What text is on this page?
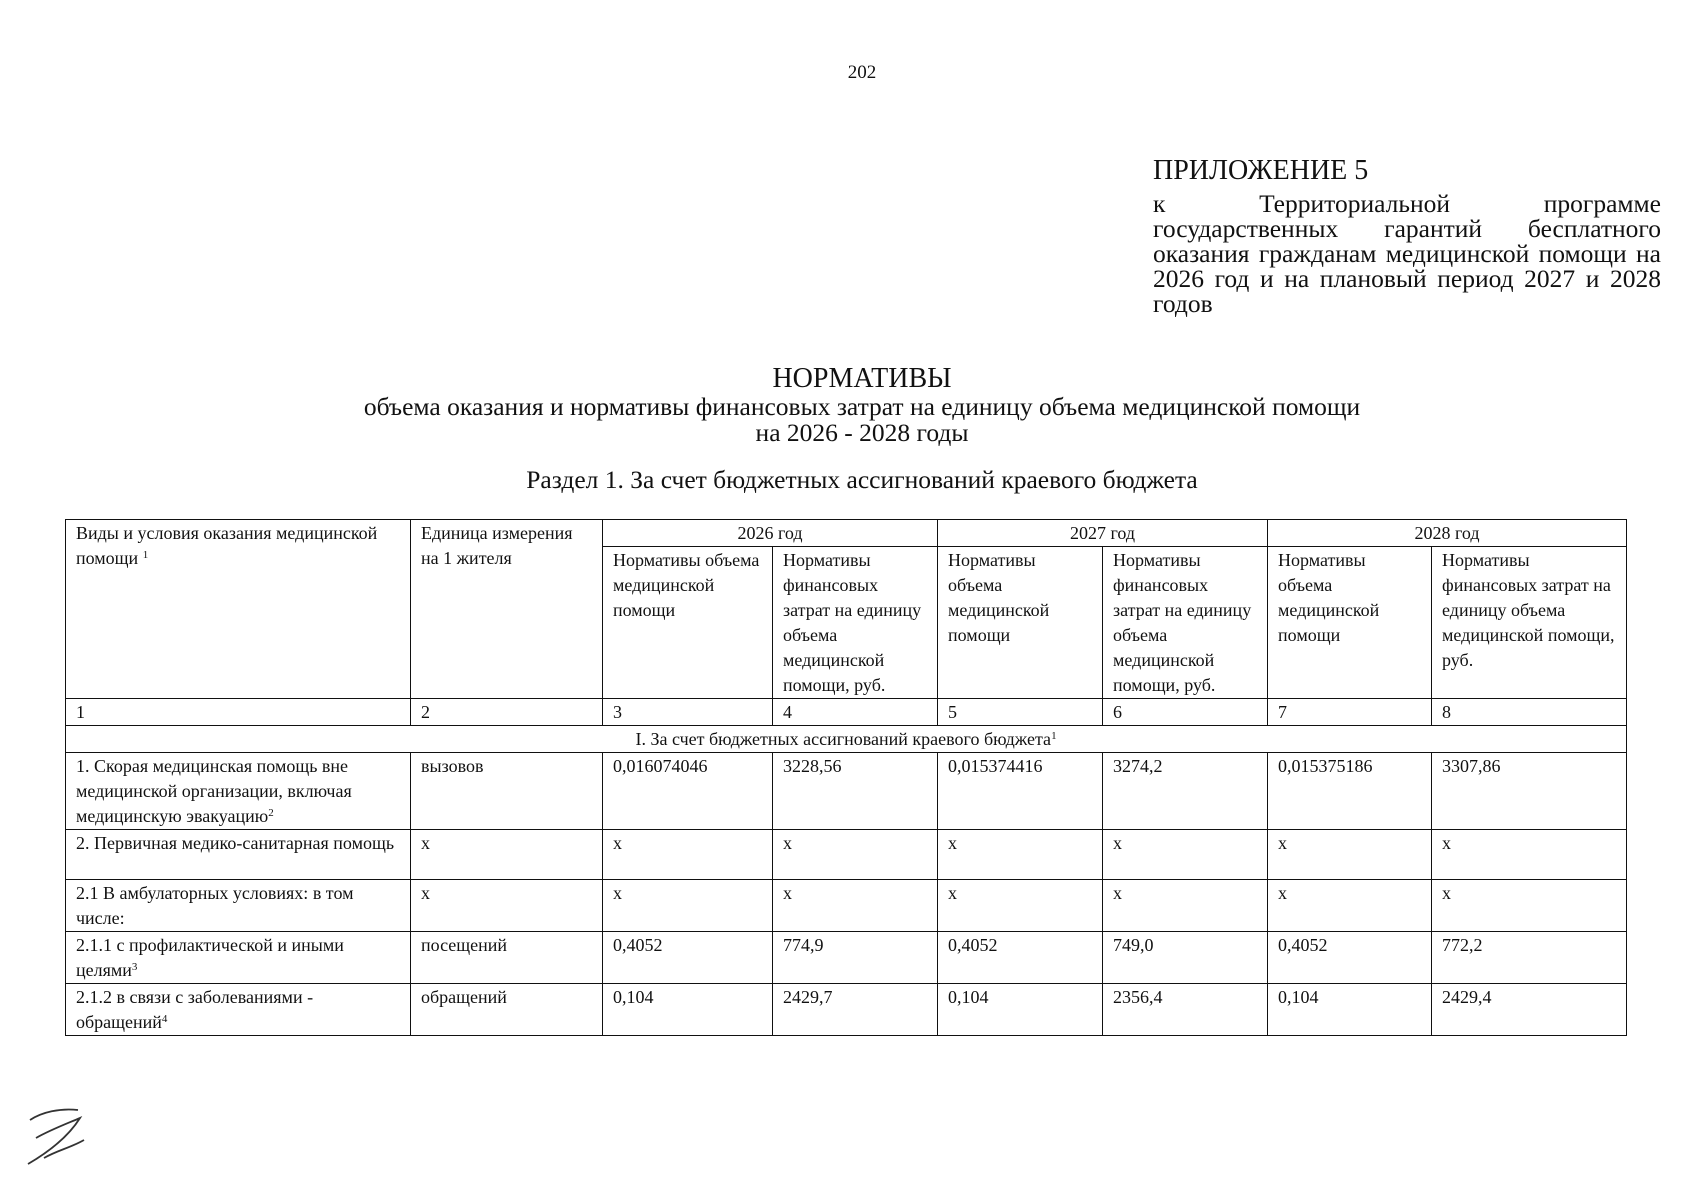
202
ПРИЛОЖЕНИЕ 5
к Территориальной программе государственных гарантий бесплатного оказания гражданам медицинской помощи на 2026 год и на плановый период 2027 и 2028 годов
НОРМАТИВЫ
объема оказания и нормативы финансовых затрат на единицу объема медицинской помощи
на 2026 - 2028 годы
Раздел 1. За счет бюджетных ассигнований краевого бюджета
Виды и условия оказания медицинской помощи $^1$	Единица измерения на 1 жителя	2026 год		2027 год		2028 год	
		Нормативы объема медицинской помощи	Нормативы финансовых затрат на единицу объема медицинской помощи, руб.	Нормативы объема медицинской помощи	Нормативы финансовых затрат на единицу объема медицинской помощи, руб.	Нормативы объема медицинской помощи	Нормативы финансовых затрат на единицу объема медицинской помощи, руб.
1	2	3	4	5	6	7	8
I. За счет бюджетных ассигнований краевого бюджета$^1$
1. Скорая медицинская помощь вне медицинской организации, включая медицинскую эвакуацию$^2$	вызовов	0,016074046	3228,56	0,015374416	3274,2	0,015375186	3307,86
2. Первичная медико-санитарная помощь	х	х	х	х	х	х	х
2.1 В амбулаторных условиях: в том числе:	х	х	х	х	х	х	х
2.1.1 с профилактической и иными целями$^3$	посещений	0,4052	774,9	0,4052	749,0	0,4052	772,2
2.1.2 в связи с заболеваниями - обращений$^4$	обращений	0,104	2429,7	0,104	2356,4	0,104	2429,4
